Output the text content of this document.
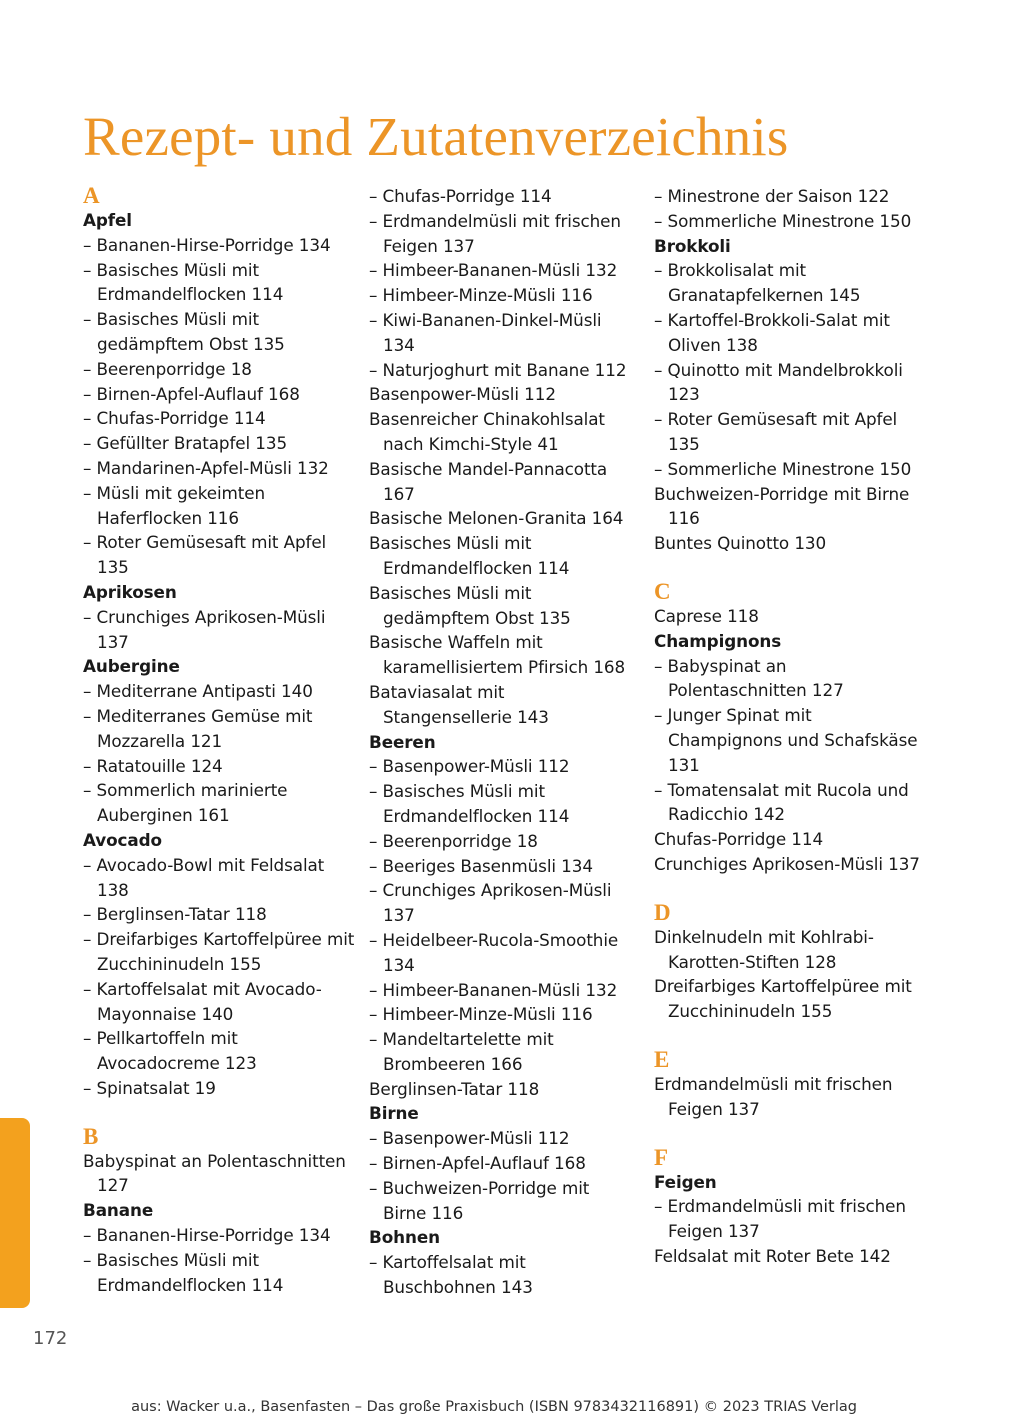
Rezept- und Zutatenverzeichnis
A
Apfel
– Bananen-Hirse-Porridge 134
– Basisches Müsli mit Erdmandelflocken 114
– Basisches Müsli mit gedämpftem Obst 135
– Beerenporridge 18
– Birnen-Apfel-Auflauf 168
– Chufas-Porridge 114
– Gefüllter Bratapfel 135
– Mandarinen-Apfel-Müsli 132
– Müsli mit gekeimten Haferflocken 116
– Roter Gemüsesaft mit Apfel 135
Aprikosen
– Crunchiges Aprikosen-Müsli 137
Aubergine
– Mediterrane Antipasti 140
– Mediterranes Gemüse mit Mozzarella 121
– Ratatouille 124
– Sommerlich marinierte Auberginen 161
Avocado
– Avocado-Bowl mit Feldsalat 138
– Berglinsen-Tatar 118
– Dreifarbiges Kartoffelpüree mit Zucchininudeln 155
– Kartoffelsalat mit Avocado-Mayonnaise 140
– Pellkartoffeln mit Avocadocreme 123
– Spinatsalat 19
B
Babyspinat an Polentaschnitten 127
Banane
– Bananen-Hirse-Porridge 134
– Basisches Müsli mit Erdmandelflocken 114
– Chufas-Porridge 114
– Erdmandelmüsli mit frischen Feigen 137
– Himbeer-Bananen-Müsli 132
– Himbeer-Minze-Müsli 116
– Kiwi-Bananen-Dinkel-Müsli 134
– Naturjoghurt mit Banane 112
Basenpower-Müsli 112
Basenreicher Chinakohlsalat nach Kimchi-Style 41
Basische Mandel-Pannacotta 167
Basische Melonen-Granita 164
Basisches Müsli mit Erdmandelflocken 114
Basisches Müsli mit gedämpftem Obst 135
Basische Waffeln mit karamellisiertem Pfirsich 168
Bataviasalat mit Stangensellerie 143
Beeren
– Basenpower-Müsli 112
– Basisches Müsli mit Erdmandelflocken 114
– Beerenporridge 18
– Beeriges Basenmüsli 134
– Crunchiges Aprikosen-Müsli 137
– Heidelbeer-Rucola-Smoothie 134
– Himbeer-Bananen-Müsli 132
– Himbeer-Minze-Müsli 116
– Mandeltartelette mit Brombeeren 166
Berglinsen-Tatar 118
Birne
– Basenpower-Müsli 112
– Birnen-Apfel-Auflauf 168
– Buchweizen-Porridge mit Birne 116
Bohnen
– Kartoffelsalat mit Buschbohnen 143
– Minestrone der Saison 122
– Sommerliche Minestrone 150
Brokkoli
– Brokkolisalat mit Granatapfelkernen 145
– Kartoffel-Brokkoli-Salat mit Oliven 138
– Quinotto mit Mandelbrokkoli 123
– Roter Gemüsesaft mit Apfel 135
– Sommerliche Minestrone 150
Buchweizen-Porridge mit Birne 116
Buntes Quinotto 130
C
Caprese 118
Champignons
– Babyspinat an Polentaschnitten 127
– Junger Spinat mit Champignons und Schafskäse 131
– Tomatensalat mit Rucola und Radicchio 142
Chufas-Porridge 114
Crunchiges Aprikosen-Müsli 137
D
Dinkelnudeln mit Kohlrabi-Karotten-Stiften 128
Dreifarbiges Kartoffelpüree mit Zucchininudeln 155
E
Erdmandelmüsli mit frischen Feigen 137
F
Feigen
– Erdmandelmüsli mit frischen Feigen 137
Feldsalat mit Roter Bete 142
172
aus: Wacker u.a., Basenfasten – Das große Praxisbuch (ISBN 9783432116891) © 2023 TRIAS Verlag
